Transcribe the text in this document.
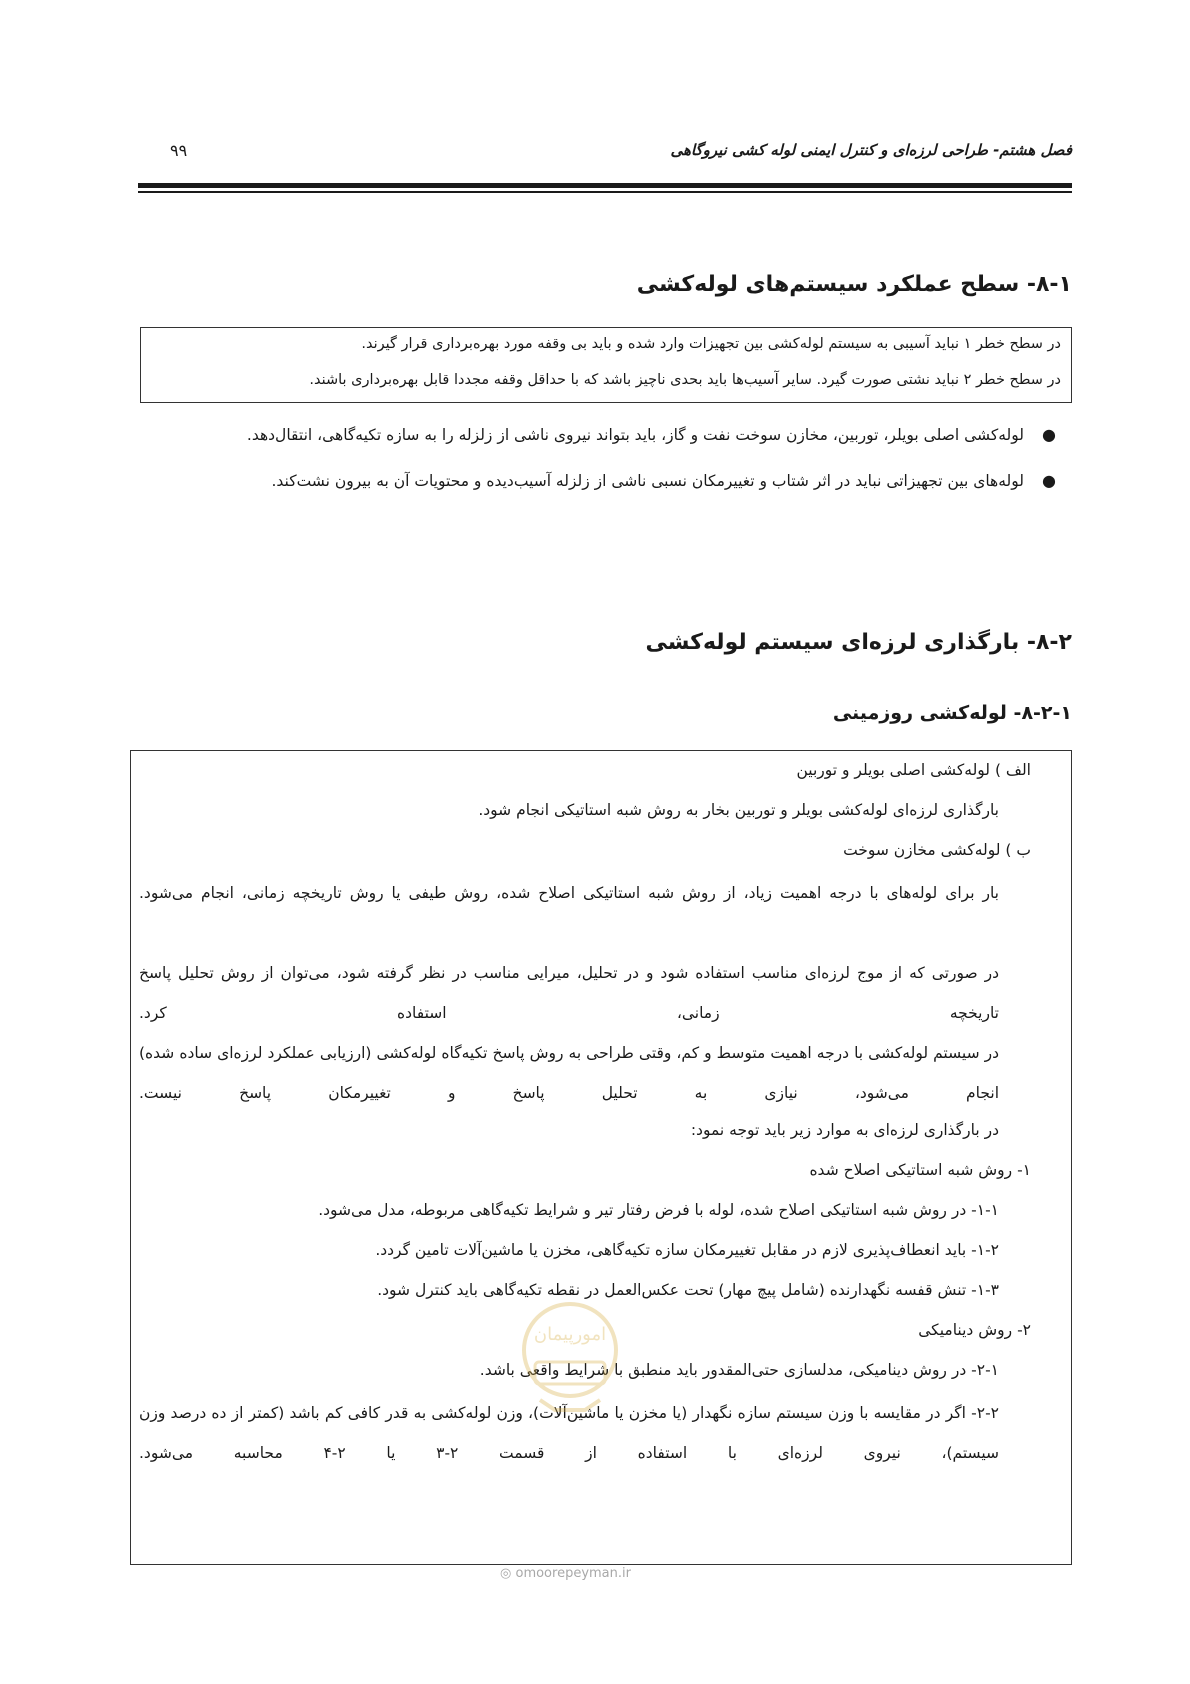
فصل هشتم- طراحی لرزه‌ای و کنترل ایمنی لوله کشی نیروگاهی
۹۹
۸-۱- سطح عملکرد سیستم‌های لوله‌کشی
در سطح خطر ۱ نباید آسیبی به سیستم لوله‌کشی بین تجهیزات وارد شده و باید بی وقفه مورد بهره‌برداری قرار گیرند.
در سطح خطر ۲ نباید نشتی صورت گیرد. سایر آسیب‌ها باید بحدی ناچیز باشد که با حداقل وقفه مجددا قابل بهره‌برداری باشند.
●
لوله‌کشی اصلی بویلر، توربین، مخازن سوخت نفت و گاز، باید بتواند نیروی ناشی از زلزله را به سازه تکیه‌گاهی، انتقال‌دهد.
●
لوله‌های بین تجهیزاتی نباید در اثر شتاب و تغییرمکان نسبی ناشی از زلزله آسیب‌دیده و محتویات آن به بیرون نشت‌کند.
۸-۲- بارگذاری لرزه‌ای سیستم لوله‌کشی
۸-۲-۱- لوله‌کشی روزمینی
الف ) لوله‌کشی اصلی بویلر و توربین
بارگذاری لرزه‌ای لوله‌کشی بویلر و توربین بخار به روش شبه استاتیکی انجام شود.
ب ) لوله‌کشی مخازن سوخت
بار برای لوله‌های با درجه اهمیت زیاد، از روش شبه استاتیکی اصلاح شده، روش طیفی یا روش تاریخچه زمانی، انجام می‌شود.
در صورتی که از موج لرزه‌ای مناسب استفاده شود و در تحلیل، میرایی مناسب در نظر گرفته شود، می‌توان از روش تحلیل پاسخ تاریخچه زمانی، استفاده کرد.
در سیستم لوله‌کشی با درجه اهمیت متوسط و کم، وقتی طراحی به روش پاسخ تکیه‌گاه لوله‌کشی (ارزیابی عملکرد لرزه‌ای ساده شده) انجام می‌شود، نیازی به تحلیل پاسخ و تغییرمکان پاسخ نیست.
در بارگذاری لرزه‌ای به موارد زیر باید توجه نمود:
۱- روش شبه استاتیکی اصلاح شده
۱-۱- در روش شبه استاتیکی اصلاح شده، لوله با فرض رفتار تیر و شرایط تکیه‌گاهی مربوطه، مدل می‌شود.
۱-۲- باید انعطاف‌پذیری لازم در مقابل تغییرمکان سازه تکیه‌گاهی، مخزن یا ماشین‌آلات تامین گردد.
۱-۳- تنش قفسه نگهدارنده (شامل پیچ مهار) تحت عکس‌العمل در نقطه تکیه‌گاهی باید کنترل شود.
۲- روش دینامیکی
۲-۱- در روش دینامیکی، مدلسازی حتی‌المقدور باید منطبق با شرایط واقعی باشد.
۲-۲- اگر در مقایسه با وزن سیستم سازه نگهدار (یا مخزن یا ماشین‌آلات)، وزن لوله‌کشی به قدر کافی کم باشد (کمتر از ده درصد وزن سیستم)، نیروی لرزه‌ای با استفاده از قسمت ۲-۳ یا ۲-۴ محاسبه می‌شود.
امورپیمان
◎ omoorepeyman.ir
